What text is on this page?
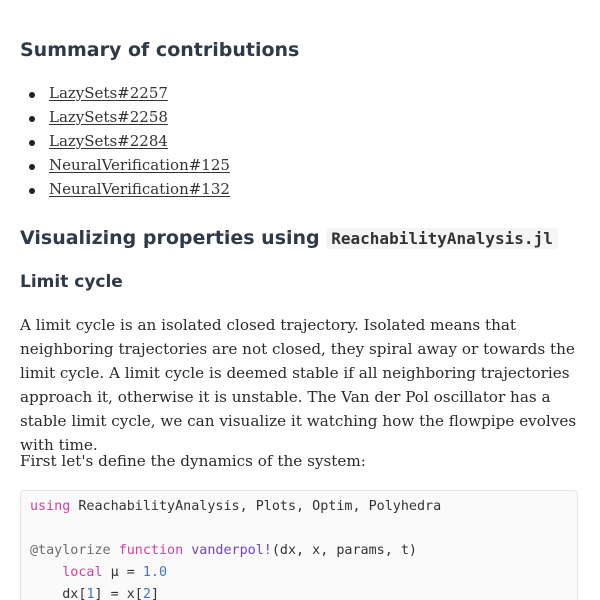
Summary of contributions
LazySets#2257
LazySets#2258
LazySets#2284
NeuralVerification#125
NeuralVerification#132
Visualizing properties using ReachabilityAnalysis.jl
Limit cycle

A limit cycle is an isolated closed trajectory. Isolated means that neighboring trajectories are not closed, they spiral away or towards the limit cycle. A limit cycle is deemed stable if all neighboring trajectories approach it, otherwise it is unstable. The Van der Pol oscillator has a stable limit cycle, we can visualize it watching how the flowpipe evolves with time.

First let's define the dynamics of the system:

using ReachabilityAnalysis, Plots, Optim, Polyhedra

@taylorize function vanderpol!(dx, x, params, t)
local μ = 1.0
dx[1] = x[2]
